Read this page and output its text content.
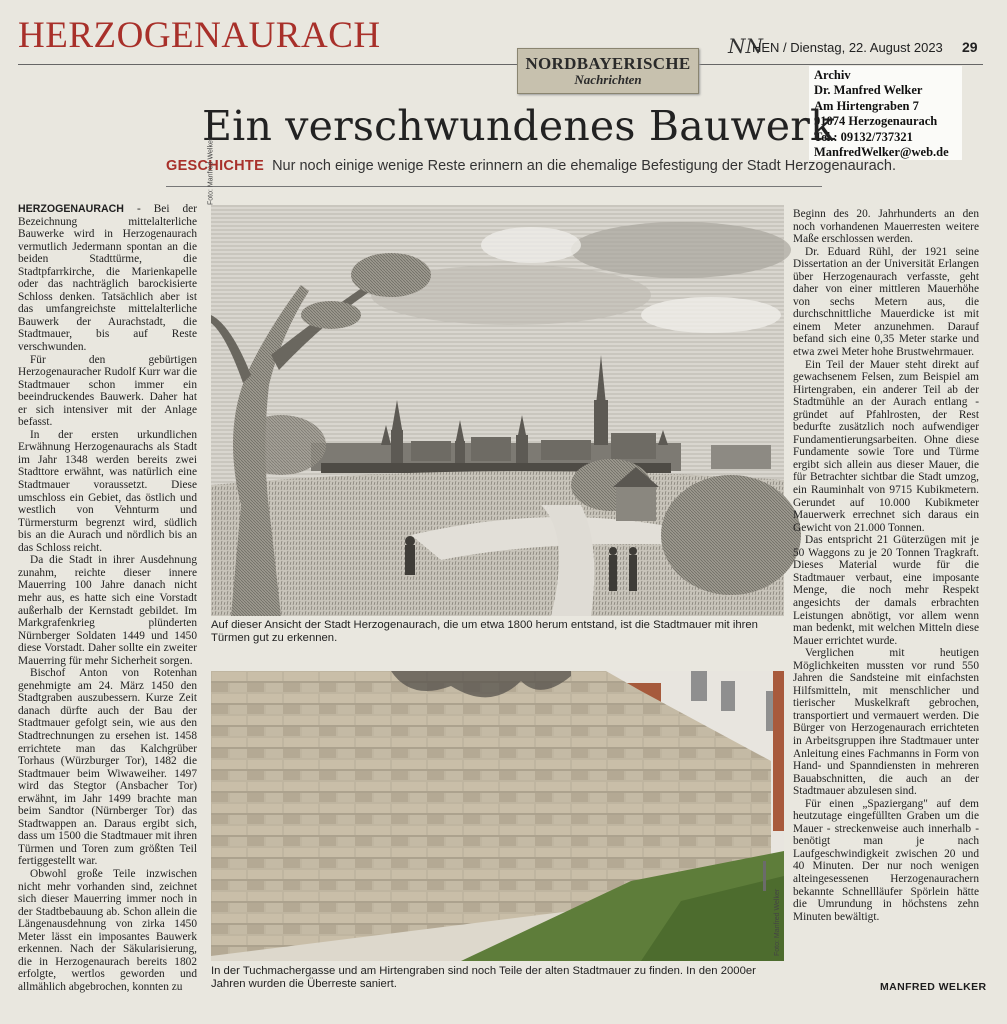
HERZOGENAURACH
NORDBAYERISCHE
Nachrichten
NN
HEN / Dienstag, 22. August 2023 29
Archiv
Dr. Manfred Welker
Am Hirtengraben 7
91074 Herzogenaurach
Tel.: 09132/737321
ManfredWelker@web.de
Ein verschwundenes Bauwerk
GESCHICHTE Nur noch einige wenige Reste erinnern an die ehemalige Befestigung der Stadt Herzogenaurach.

HERZOGENAURACH - Bei der Bezeichnung mittelalterliche Bauwerke wird in Herzogenaurach vermutlich Jedermann spontan an die beiden Stadttürme, die Stadtpfarrkirche, die Marienkapelle oder das nachträglich barockisierte Schloss denken. Tatsächlich aber ist das umfangreichste mittelalterliche Bauwerk der Aurachstadt, die Stadtmauer, bis auf Reste verschwunden.

Für den gebürtigen Herzogenauracher Rudolf Kurr war die Stadtmauer schon immer ein beeindruckendes Bauwerk. Daher hat er sich intensiver mit der Anlage befasst.

In der ersten urkundlichen Erwähnung Herzogenaurachs als Stadt im Jahr 1348 werden bereits zwei Stadttore erwähnt, was natürlich eine Stadtmauer voraussetzt. Diese umschloss ein Gebiet, das östlich und westlich von Vehnturm und Türmersturm begrenzt wird, südlich bis an die Aurach und nördlich bis an das Schloss reicht.

Da die Stadt in ihrer Ausdehnung zunahm, reichte dieser innere Mauerring 100 Jahre danach nicht mehr aus, es hatte sich eine Vorstadt außerhalb der Kernstadt gebildet. Im Markgrafenkrieg plünderten Nürnberger Soldaten 1449 und 1450 diese Vorstadt. Daher sollte ein zweiter Mauerring für mehr Sicherheit sorgen.

Bischof Anton von Rotenhan genehmigte am 24. März 1450 den Stadtgraben auszubessern. Kurze Zeit danach dürfte auch der Bau der Stadtmauer gefolgt sein, wie aus den Stadtrechnungen zu ersehen ist. 1458 errichtete man das Kalchgrüber Torhaus (Würzburger Tor), 1482 die Stadtmauer beim Wiwaweiher. 1497 wird das Stegtor (Ansbacher Tor) erwähnt, im Jahr 1499 brachte man beim Sandtor (Nürnberger Tor) das Stadtwappen an. Daraus ergibt sich, dass um 1500 die Stadtmauer mit ihren Türmen und Toren zum größten Teil fertiggestellt war.

Obwohl große Teile inzwischen nicht mehr vorhanden sind, zeichnet sich dieser Mauerring immer noch in der Stadtbebauung ab. Schon allein die Längenausdehnung von zirka 1450 Meter lässt ein imposantes Bauwerk erkennen. Nach der Säkularisierung, die in Herzogenaurach bereits 1802 erfolgte, wertlos geworden und allmählich abgebrochen, konnten zu

Foto: Manfred Welker
Auf dieser Ansicht der Stadt Herzogenaurach, die um etwa 1800 herum entstand, ist die Stadtmauer mit ihren Türmen gut zu erkennen.
Foto: Manfred Welker
In der Tuchmachergasse und am Hirtengraben sind noch Teile der alten Stadtmauer zu finden. In den 2000er Jahren wurden die Überreste saniert.

Beginn des 20. Jahrhunderts an den noch vorhandenen Mauerresten weitere Maße erschlossen werden.

Dr. Eduard Rühl, der 1921 seine Dissertation an der Universität Erlangen über Herzogenaurach verfasste, geht daher von einer mittleren Mauerhöhe von sechs Metern aus, die durchschnittliche Mauerdicke ist mit einem Meter anzunehmen. Darauf befand sich eine 0,35 Meter starke und etwa zwei Meter hohe Brustwehrmauer.

Ein Teil der Mauer steht direkt auf gewachsenem Felsen, zum Beispiel am Hirtengraben, ein anderer Teil ab der Stadtmühle an der Aurach entlang - gründet auf Pfahlrosten, der Rest bedurfte zusätzlich noch aufwendiger Fundamentierungsarbeiten. Ohne diese Fundamente sowie Tore und Türme ergibt sich allein aus dieser Mauer, die für Betrachter sichtbar die Stadt umzog, ein Rauminhalt von 9715 Kubikmetern. Gerundet auf 10.000 Kubikmeter Mauerwerk errechnet sich daraus ein Gewicht von 21.000 Tonnen.

Das entspricht 21 Güterzügen mit je 50 Waggons zu je 20 Tonnen Tragkraft. Dieses Material wurde für die Stadtmauer verbaut, eine imposante Menge, die noch mehr Respekt angesichts der damals erbrachten Leistungen abnötigt, vor allem wenn man bedenkt, mit welchen Mitteln diese Mauer errichtet wurde.

Verglichen mit heutigen Möglichkeiten mussten vor rund 550 Jahren die Sandsteine mit einfachsten Hilfsmitteln, mit menschlicher und tierischer Muskelkraft gebrochen, transportiert und vermauert werden. Die Bürger von Herzogenaurach errichteten in Arbeitsgruppen ihre Stadtmauer unter Anleitung eines Fachmanns in Form von Hand- und Spanndiensten in mehreren Bauabschnitten, die auch an der Stadtmauer abzulesen sind.

Für einen „Spaziergang" auf dem heutzutage eingefüllten Graben um die Mauer - streckenweise auch innerhalb - benötigt man je nach Laufgeschwindigkeit zwischen 20 und 40 Minuten. Der nur noch wenigen alteingesessenen Herzogenaurachern bekannte Schnellläufer Spörlein hätte die Umrundung in höchstens zehn Minuten bewältigt.

MANFRED WELKER
